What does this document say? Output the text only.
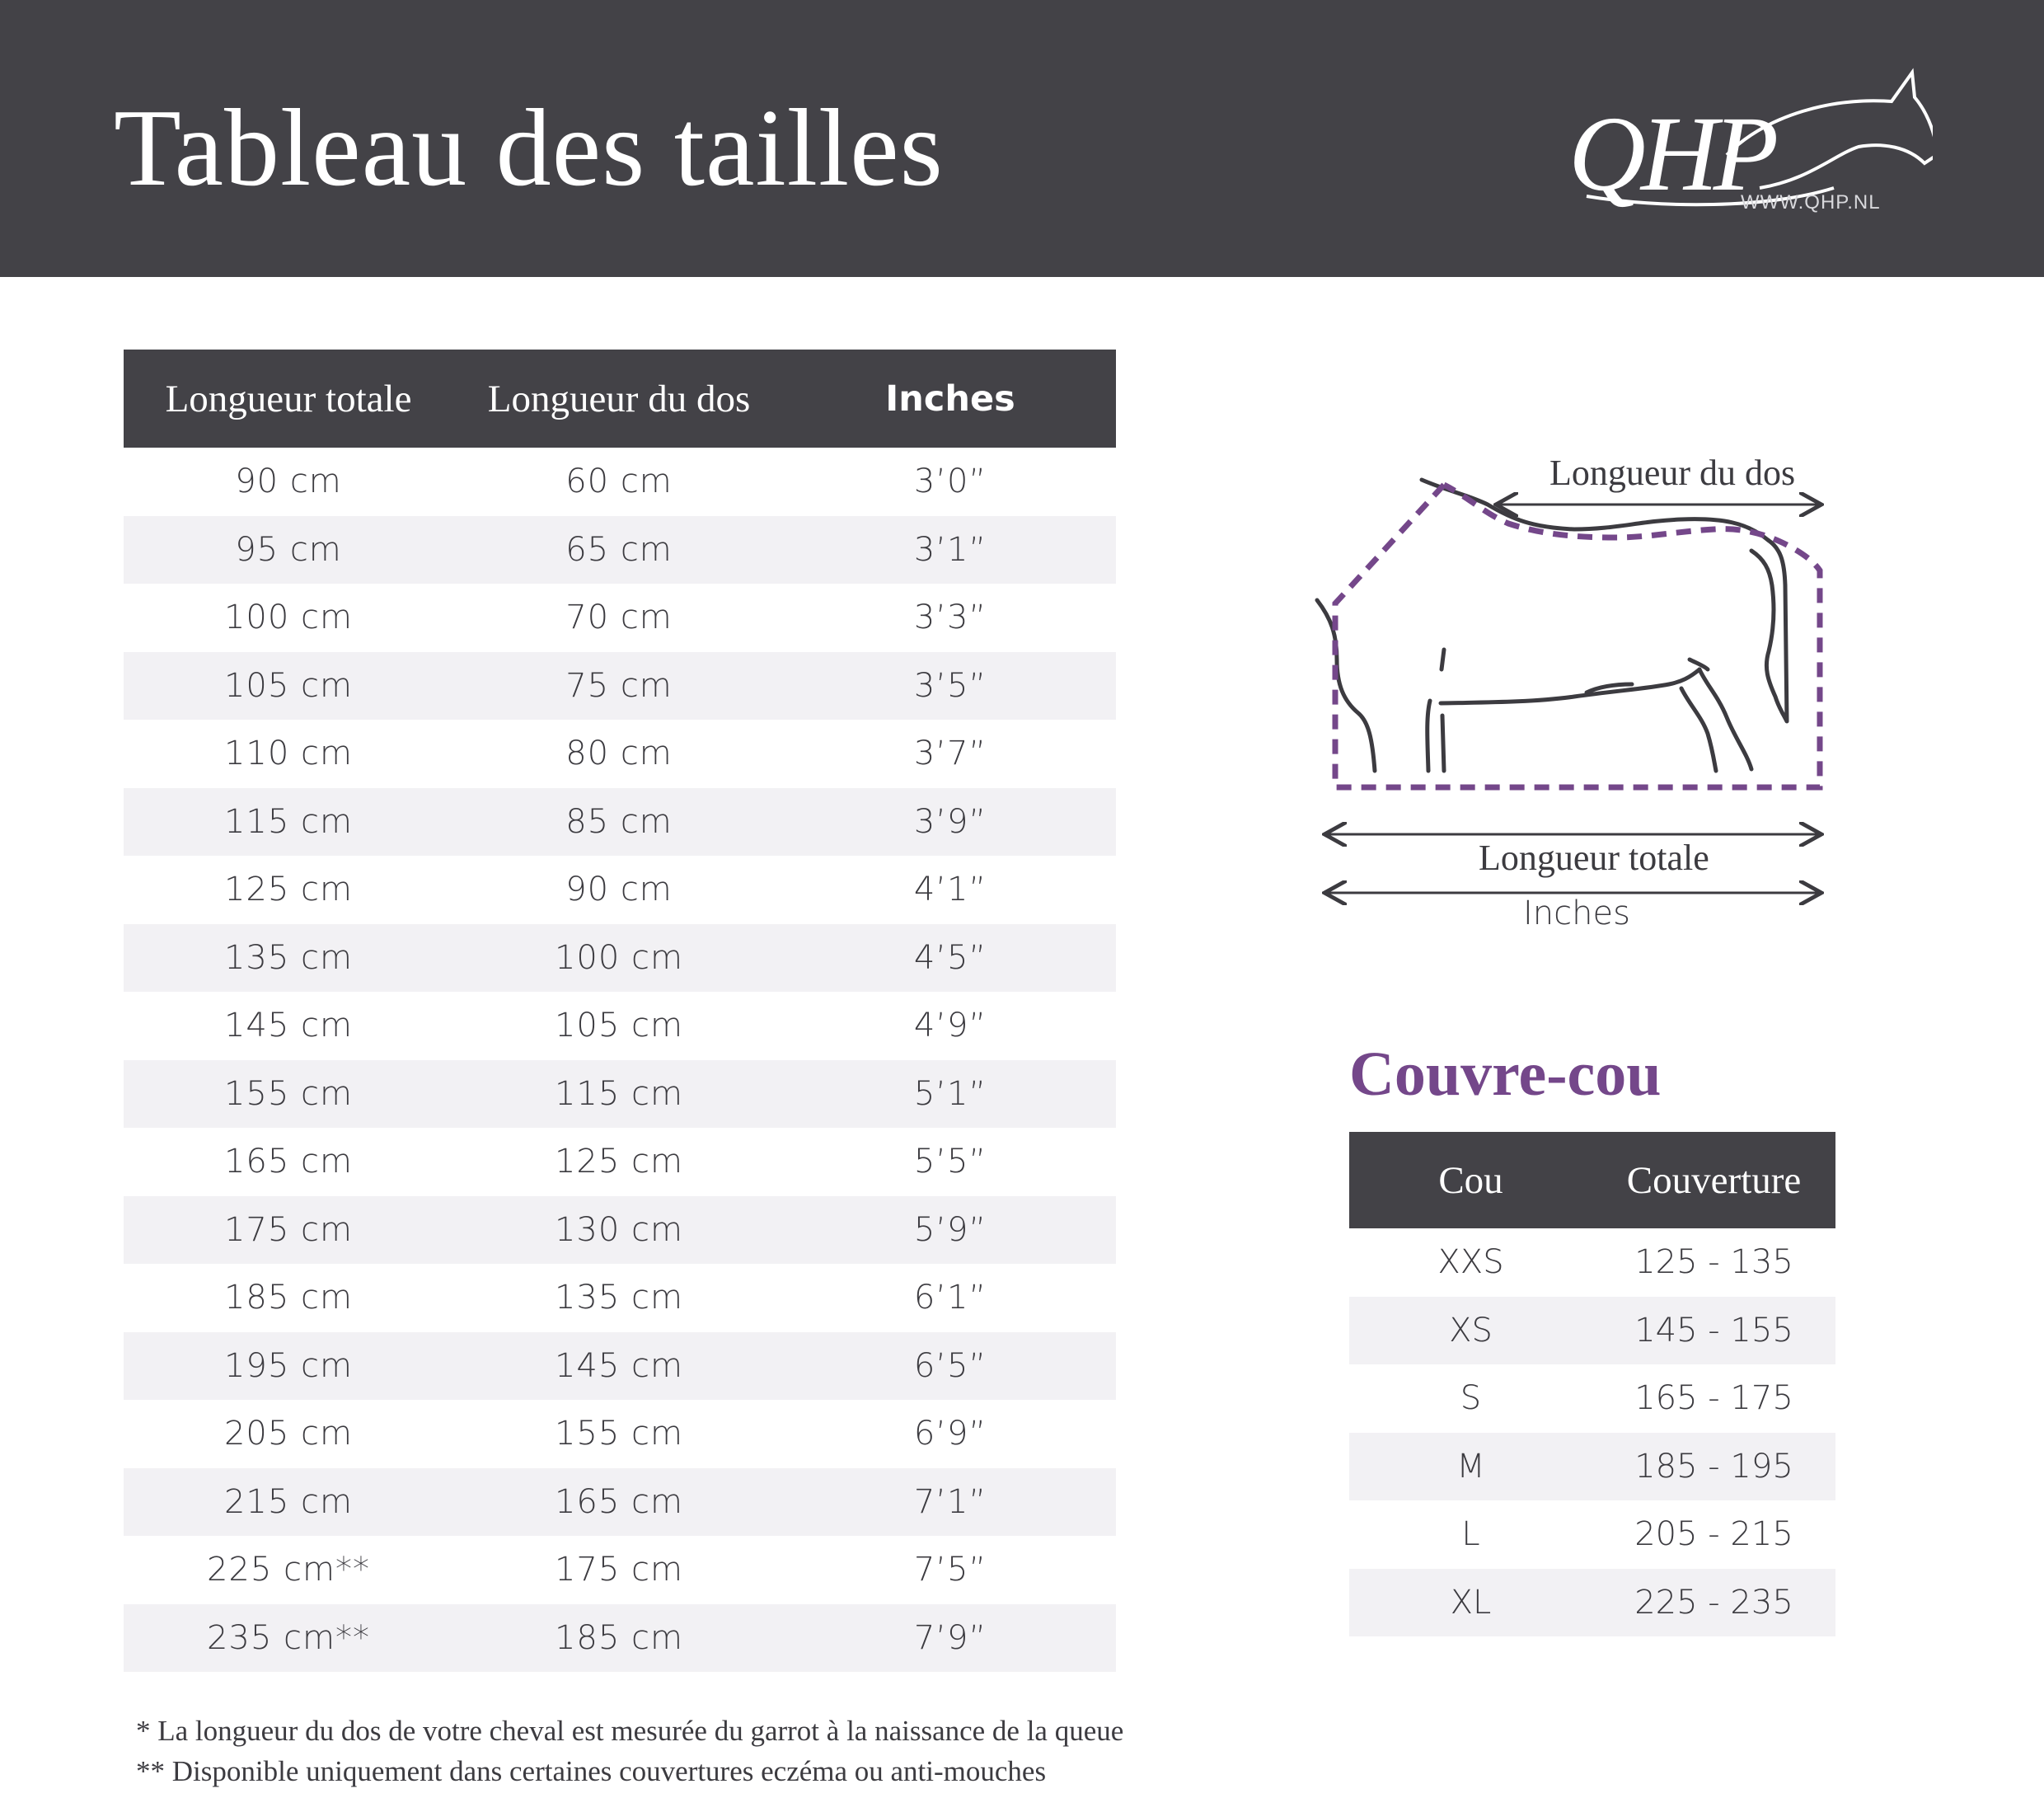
Tableau des tailles	QHP
WWW.QHP.NL
Longueur totale	Longueur du dos	Inches
90 cm	60 cm	3’0”
95 cm	65 cm	3’1”
100 cm	70 cm	3’3”
105 cm	75 cm	3’5”
110 cm	80 cm	3’7”
115 cm	85 cm	3’9”
125 cm	90 cm	4’1”
135 cm	100 cm	4’5”
145 cm	105 cm	4’9”
155 cm	115 cm	5’1”
165 cm	125 cm	5’5”
175 cm	130 cm	5’9”
185 cm	135 cm	6’1”
195 cm	145 cm	6’5”
205 cm	155 cm	6’9”
215 cm	165 cm	7’1”
225 cm**	175 cm	7’5”
235 cm**	185 cm	7’9”
* La longueur du dos de votre cheval est mesurée du garrot à la naissance de la queue
** Disponible uniquement dans certaines couvertures eczéma ou anti-mouches
Longueur du dos
Longueur totale
Inches
Couvre-cou
Cou	Couverture
XXS	125 - 135
XS	145 - 155
S	165 - 175
M	185 - 195
L	205 - 215
XL	225 - 235
